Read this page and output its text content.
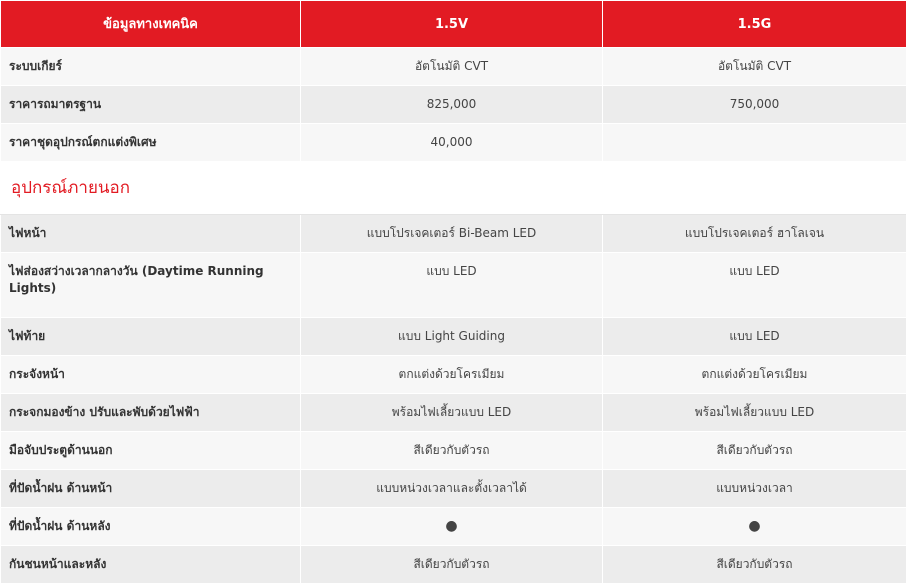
ข้อมูลทางเทคนิค	1.5V	1.5G
ระบบเกียร์	อัตโนมัติ CVT	อัตโนมัติ CVT
ราคารถมาตรฐาน	825,000	750,000
ราคาชุดอุปกรณ์ตกแต่งพิเศษ	40,000	
อุปกรณ์ภายนอก		
ไฟหน้า	แบบโปรเจคเตอร์ Bi-Beam LED	แบบโปรเจคเตอร์ ฮาโลเจน
ไฟส่องสว่างเวลากลางวัน (Daytime Running Lights)	แบบ LED	แบบ LED
ไฟท้าย	แบบ Light Guiding	แบบ LED
กระจังหน้า	ตกแต่งด้วยโครเมียม	ตกแต่งด้วยโครเมียม
กระจกมองข้าง ปรับและพับด้วยไฟฟ้า	พร้อมไฟเลี้ยวแบบ LED	พร้อมไฟเลี้ยวแบบ LED
มือจับประตูด้านนอก	สีเดียวกับตัวรถ	สีเดียวกับตัวรถ
ที่ปัดน้ำฝน ด้านหน้า	แบบหน่วงเวลาและตั้งเวลาได้	แบบหน่วงเวลา
ที่ปัดน้ำฝน ด้านหลัง	●	●
กันชนหน้าและหลัง	สีเดียวกับตัวรถ	สีเดียวกับตัวรถ
